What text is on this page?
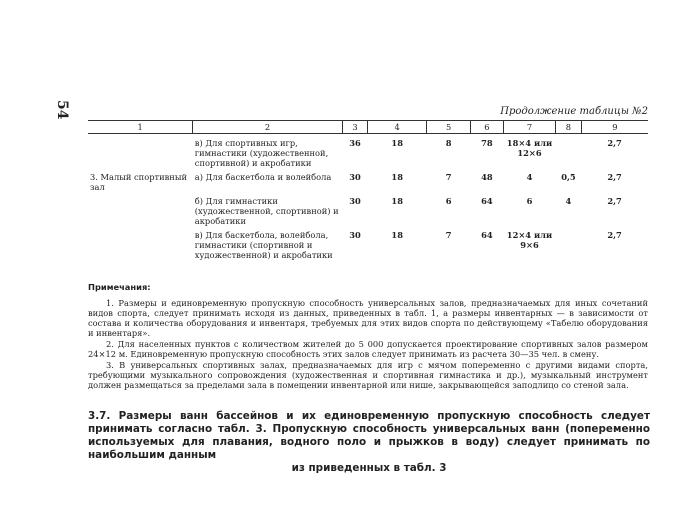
54	Продолжение таблицы №2
1	2	3	4	5	6	7	8	9
	в) Для спортивных игр, гимнастики (художественной, спортивной) и акробатики	36	18	8	78	18×4 или 12×6		2,7
3. Малый спортивный зал	а) Для баскетбола и волейбола	30	18	7	48	4	0,5	2,7
	б) Для гимнастики (художественной, спортивной) и акробатики	30	18	6	64	6	4	2,7
	в) Для баскетбола, волейбола, гимнастики (спортивной и художественной) и акробатики	30	18	7	64	12×4 или 9×6		2,7
Примечания:

1. Размеры и единовременную пропускную способность универсальных залов, предназначаемых для иных сочетаний видов спорта, следует принимать исходя из данных, приведенных в табл. 1, а размеры инвентарных — в зависимости от состава и количества оборудования и инвентаря, требуемых для этих видов спорта по действующему «Табелю оборудования и инвентаря».

2. Для населенных пунктов с количеством жителей до 5 000 допускается проектирование спортивных залов размером 24×12 м. Единовременную пропускную способность этих залов следует принимать из расчета 30—35 чел. в смену.

3. В универсальных спортивных залах, предназначаемых для игр с мячом попеременно с другими видами спорта, требующими музыкального сопровождения (художественная и спортивная гимнастика и др.), музыкальный инструмент должен размещаться за пределами зала в помещении инвентарной или нише, закрывающейся заподлицо со стеной зала.

3.7. Размеры ванн бассейнов и их единовременную пропускную способность следует принимать согласно табл. 3. Пропускную способность универсальных ванн (попеременно используемых для плавания, водного поло и прыжков в воду) следует принимать по наибольшим данным
из приведенных в табл. 3
